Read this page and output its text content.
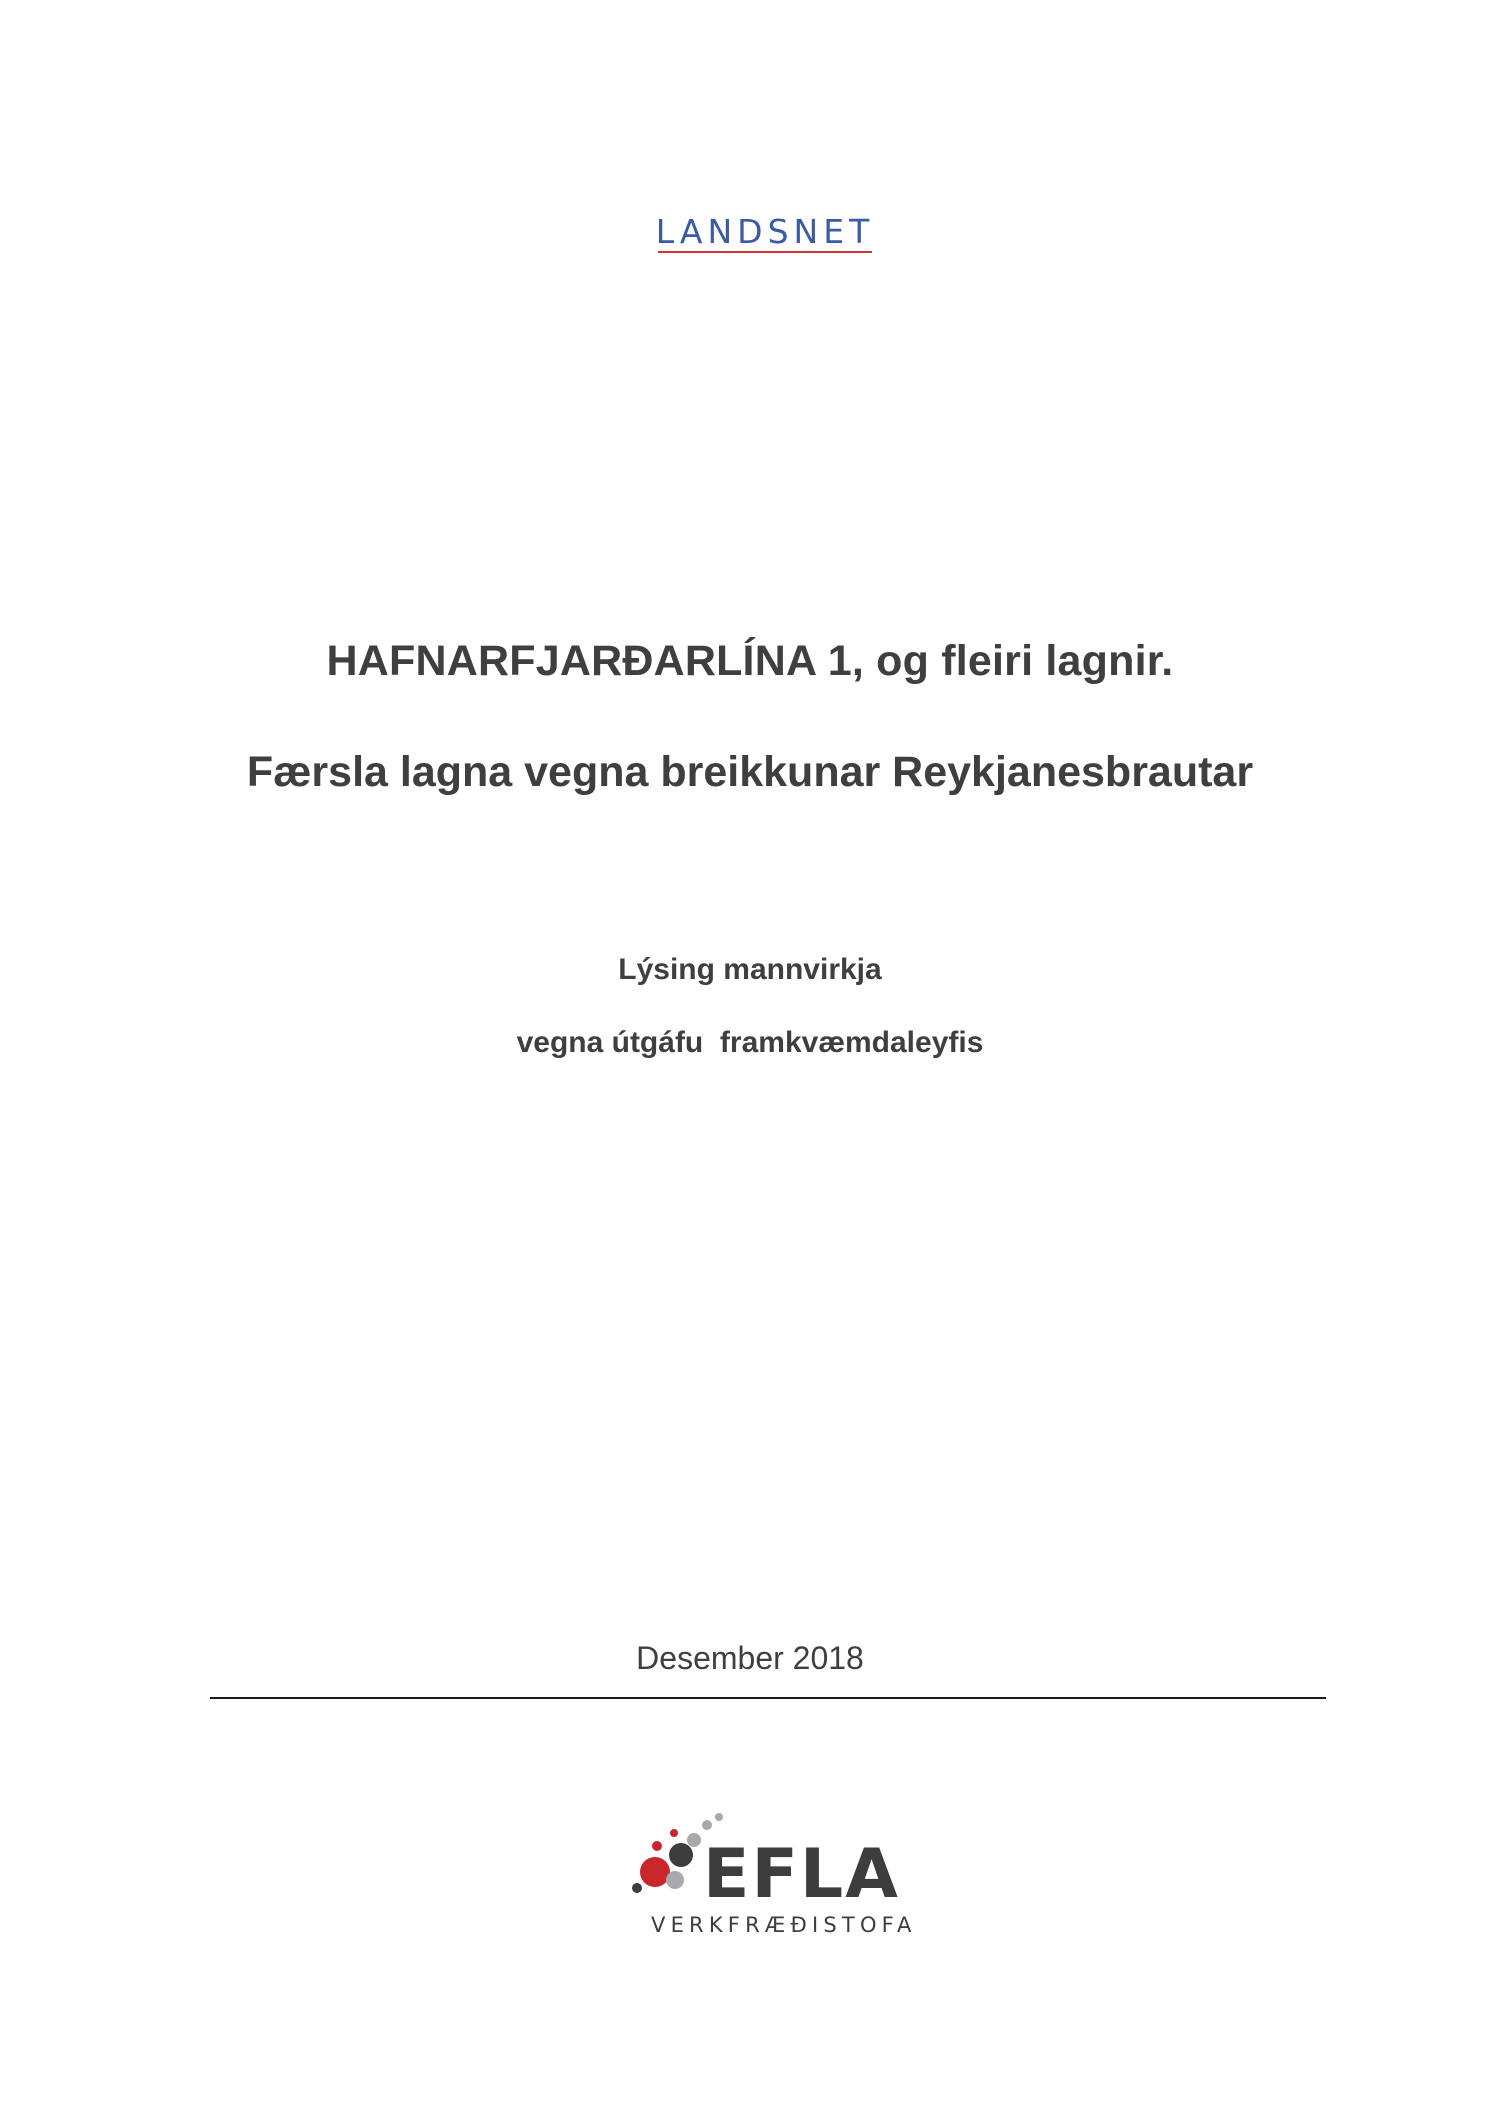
LANDSNET
HAFNARFJARÐARLÍNA 1, og fleiri lagnir.
Færsla lagna vegna breikkunar Reykjanesbrautar
Lýsing mannvirkja
vegna útgáfu  framkvæmdaleyfis
Desember 2018
EFLA
VERKFRÆÐISTOFA
